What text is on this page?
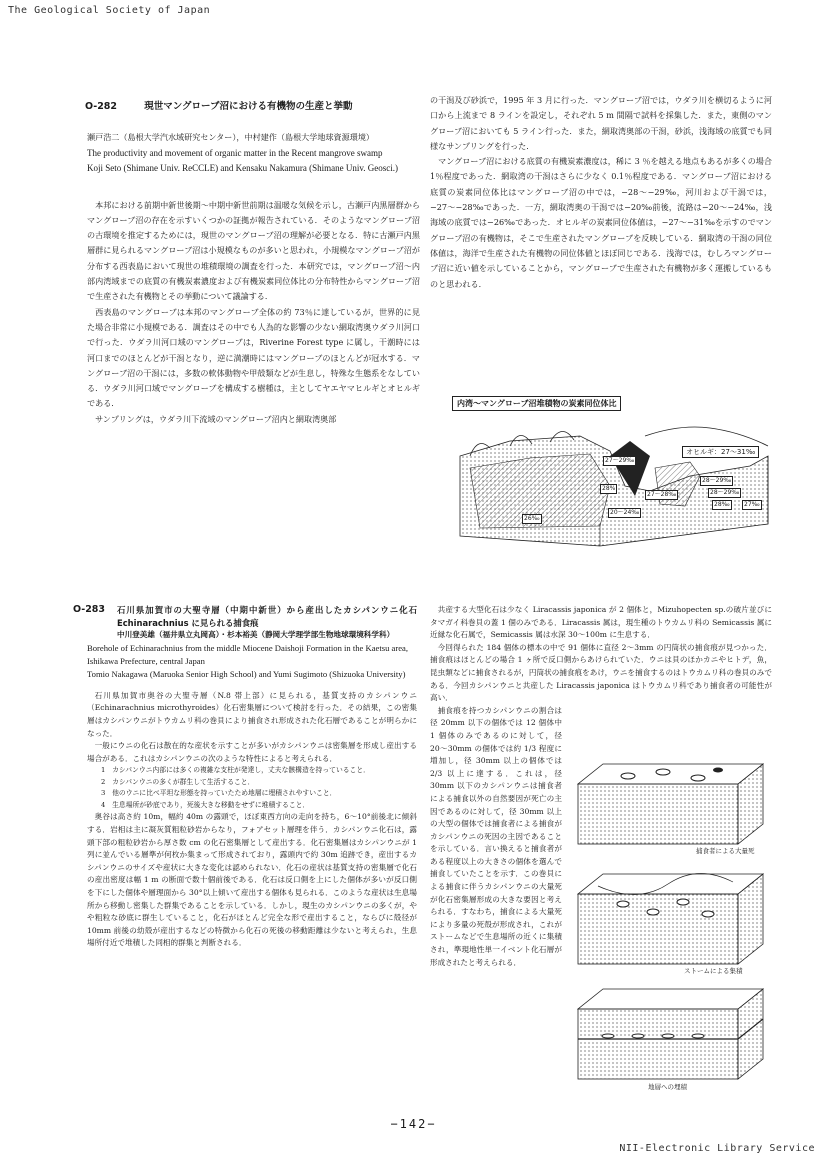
The Geological Society of Japan
NII-Electronic Library Service
−142−
O-282	現世マングローブ沼における有機物の生産と挙動
瀬戸浩二（島根大学汽水域研究センター），中村建作（島根大学地球資源環境）
The productivity and movement of organic matter in the Recent mangrove swamp
Koji Seto (Shimane Univ. ReCCLE) and Kensaku Nakamura (Shimane Univ. Geosci.)

本邦における前期中新世後期〜中期中新世前期は温暖な気候を示し，古瀬戸内黒層群からマングローブ沼の存在を示すいくつかの証拠が報告されている．そのようなマングローブ沼の古環境を推定するためには，現世のマングローブ沼の理解が必要となる．特に古瀬戸内黒層群に見られるマングローブ沼は小規模なものが多いと思われ，小規模なマングローブ沼が分布する西表島において現世の堆積環境の調査を行った．本研究では，マングローブ沼〜内部内湾域までの底質の有機炭素濃度および有機炭素同位体比の分布特性からマングローブ沼で生産された有機物とその挙動について議論する．

西表島のマングローブは本邦のマングローブ全体の約 73％に達しているが，世界的に見た場合非常に小規模である．調査はその中でも人為的な影響の少ない網取湾奥ウダラ川河口で行った．ウダラ川河口域のマングローブは，Riverine Forest type に属し，干潮時には河口までのほとんどが干潟となり，逆に満潮時にはマングローブのほとんどが冠水する．マングローブ沼の干潟には，多数の軟体動物や甲殻類などが生息し，特殊な生態系をなしている．ウダラ川河口域でマングローブを構成する樹種は，主としてヤエヤマヒルギとオヒルギである．

サンプリングは，ウダラ川下流域のマングローブ沼内と網取湾奥部

の干潟及び砂浜で，1995 年 3 月に行った．マングローブ沼では，ウダラ川を横切るように河口から上流まで 8 ラインを設定し，それぞれ 5 m 間隔で試料を採集した．また，東側のマングローブ沼においても 5 ライン行った．また，網取湾奥部の干潟，砂浜，浅海域の底質でも同様なサンプリングを行った．

マングローブ沼における底質の有機炭素濃度は，稀に 3 ％を越える地点もあるが多くの場合 1％程度であった．網取湾の干潟はさらに少なく 0.1％程度である．マングローブ沼における底質の炭素同位体比はマングローブ沼の中では，−28〜−29‰，河川および干潟では，−27〜−28‰であった．一方，網取湾奥の干潟では−20‰前後，流路は−20〜−24‰，浅海域の底質では−26‰であった．オヒルギの炭素同位体値は，−27〜−31‰を示すのでマングローブ沼の有機物は，そこで生産されたマングローブを反映している．網取湾の干潟の同位体値は，海洋で生産された有機物の同位体値とほぼ同じである．浅海では，むしろマングローブ沼に近い値を示していることから，マングローブで生産された有機物が多く運搬しているものと思われる．

内湾〜マングローブ沼堆積物の炭素同位体比
オヒルギ：27〜31‰
27〜29‰
27〜28‰
28〜29‰
28%
20〜24‰
26‰
28〜29‰
28‰	27‰
O-283	石川県加賀市の大聖寺層（中期中新世）から産出したカシパンウニ化石 Echinarachnius に見られる捕食痕
中川登美雄（福井県立丸岡高）・杉本裕美（静岡大学理学部生物地球環境科学科）
Borehole of Echinarachnius from the middle Miocene Daishoji Formation in the Kaetsu area, Ishikawa Prefecture, central Japan
Tomio Nakagawa (Maruoka Senior High School) and Yumi Sugimoto (Shizuoka University)

石川県加賀市奥谷の大聖寺層（N.8 帯上部）に見られる，基質支持のカシパンウニ（Echinarachnius microthyroides）化石密集層について検討を行った．その結果，この密集層はカシパンウニがトウカムリ科の巻貝により捕食され形成された化石層であることが明らかになった．

一般にウニの化石は散在的な産状を示すことが多いがカシパンウニは密集層を形成し産出する場合がある．これはカシパンウニの次のような特性によると考えられる．

1　カシパンウニ内部には多くの複雑な支柱が発達し，丈夫な骸構造を持っていること．
2　カシパンウニの多くが群生して生活すること．
3　他のウニに比べ平坦な形態を持っていたため地層に埋積されやすいこと．
4　生息場所が砂底であり，死後大きな移動をせずに堆積すること．

奥谷は高さ約 10m，幅約 40m の露頭で，ほぼ東西方向の走向を持ち，6〜10°前後北に傾斜する．岩相は主に凝灰質粗粒砂岩からなり，フォアセット層理を伴う．カシパンウニ化石は，露頭下部の粗粒砂岩から厚さ数 cm の化石密集層として産出する．化石密集層はカシパンウニが 1 列に並んでいる層準が何枚か集まって形成されており，露頭内で約 30m 追跡でき，産出するカシパンウニのサイズや産状に大きな変化は認められない．化石の産状は基質支持の密集層で化石の産出密度は幅 1 m の断面で数十個前後である．化石は反口側を上にした個体が多いが反口側を下にした個体や層理面から 30°以上傾いて産出する個体も見られる．このような産状は生息場所から移動し密集した群集であることを示している．しかし，現生のカシパンウニの多くが，やや粗粒な砂底に群生していること，化石がほとんど完全な形で産出すること，ならびに殻径が 10mm 前後の幼殻が産出するなどの特徴から化石の死後の移動距離は少ないと考えられ，生息場所付近で堆積した同相的群集と判断される．

共産する大型化石は少なく Liracassis japonica が 2 個体と，Mizuhopecten sp.の破片並びにタマガイ科巻貝の蓋 1 個のみである．Liracassis 属は，現生種のトウカムリ科の Semicassis 属に近縁な化石属で，Semicassis 属は水深 30〜100m に生息する．

今回得られた 184 個体の標本の中で 91 個体に直径 2〜3mm の円筒状の捕食痕が見つかった．捕食痕はほとんどの場合 1 ヶ所で反口側からあけられていた．ウニは貝のほかカニやヒトデ，魚，昆虫類などに捕食されるが，円筒状の捕食痕をあけ，ウニを捕食するのはトウカムリ科の巻貝のみである．今回カシパンウニと共産した Liracassis japonica はトウカムリ科であり捕食者の可能性が高い．

捕食痕を持つカシパンウニの割合は径 20mm 以下の個体では 12 個体中 1 個体のみであるのに対して，径 20〜30mm の個体では約 1/3 程度に増加し，径 30mm 以上の個体では 2/3 以上に達する．これは，径 30mm 以下のカシパンウニは捕食者による捕食以外の自然要因が死亡の主因であるのに対して，径 30mm 以上の大型の個体では捕食者による捕食がカシパンウニの死因の主因であることを示している．言い換えると捕食者がある程度以上の大きさの個体を選んで捕食していたことを示す．この巻貝による捕食に伴うカシパンウニの大量死が化石密集層形成の大きな要因と考えられる．すなわち，捕食による大量死により多量の死殻が形成され，これがストームなどで生息場所の近くに集積され，準現地性単一イベント化石層が形成されたと考えられる．

捕食者による大量死
ストームによる集積
地層への埋積
